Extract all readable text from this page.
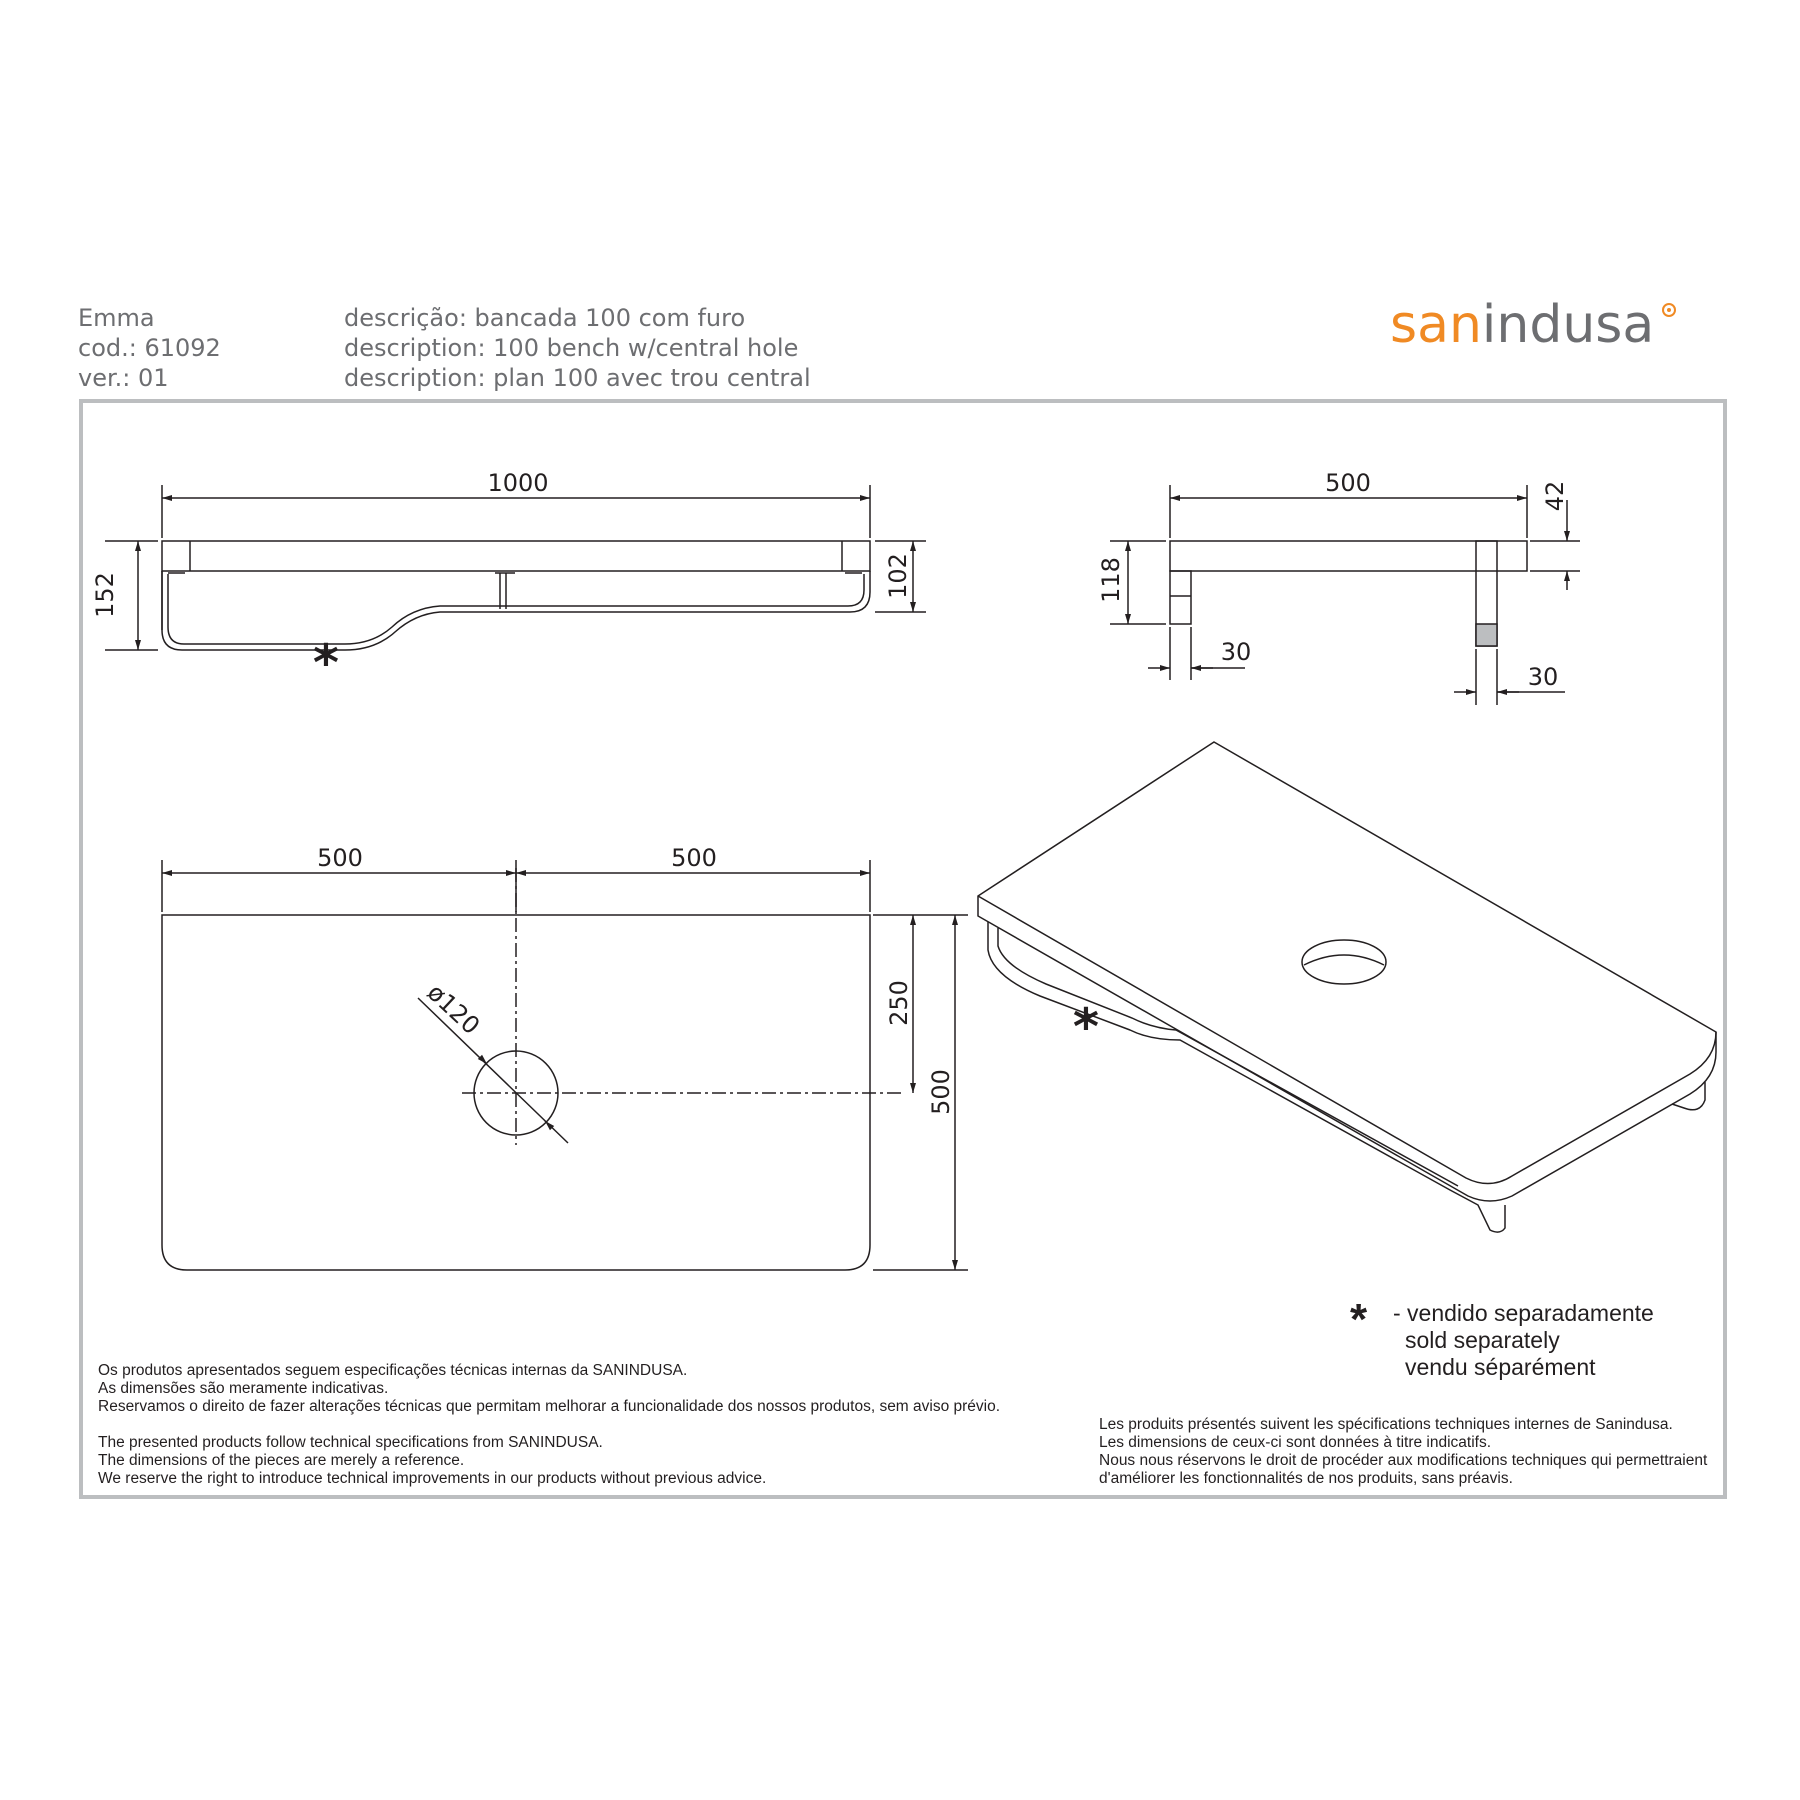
Emma
cod.: 61092
ver.: 01
descrição: bancada 100 com furo
description: 100 bench w/central hole
description: plan 100 avec trou central
sanindusa
1000
152	102
500	42
118
30
30
500	500
250
500
ø120
*
*
* - vendido separadamente
sold separately
vendu séparément
Os produtos apresentados seguem especificações técnicas internas da SANINDUSA.
As dimensões são meramente indicativas.
Reservamos o direito de fazer alterações técnicas que permitam melhorar a funcionalidade dos nossos produtos, sem aviso prévio.
The presented products follow technical specifications from SANINDUSA.
The dimensions of the pieces are merely a reference.
We reserve the right to introduce technical improvements in our products without previous advice.
Les produits présentés suivent les spécifications techniques internes de Sanindusa.
Les dimensions de ceux-ci sont données à titre indicatifs.
Nous nous réservons le droit de procéder aux modifications techniques qui permettraient
d'améliorer les fonctionnalités de nos produits, sans préavis.
